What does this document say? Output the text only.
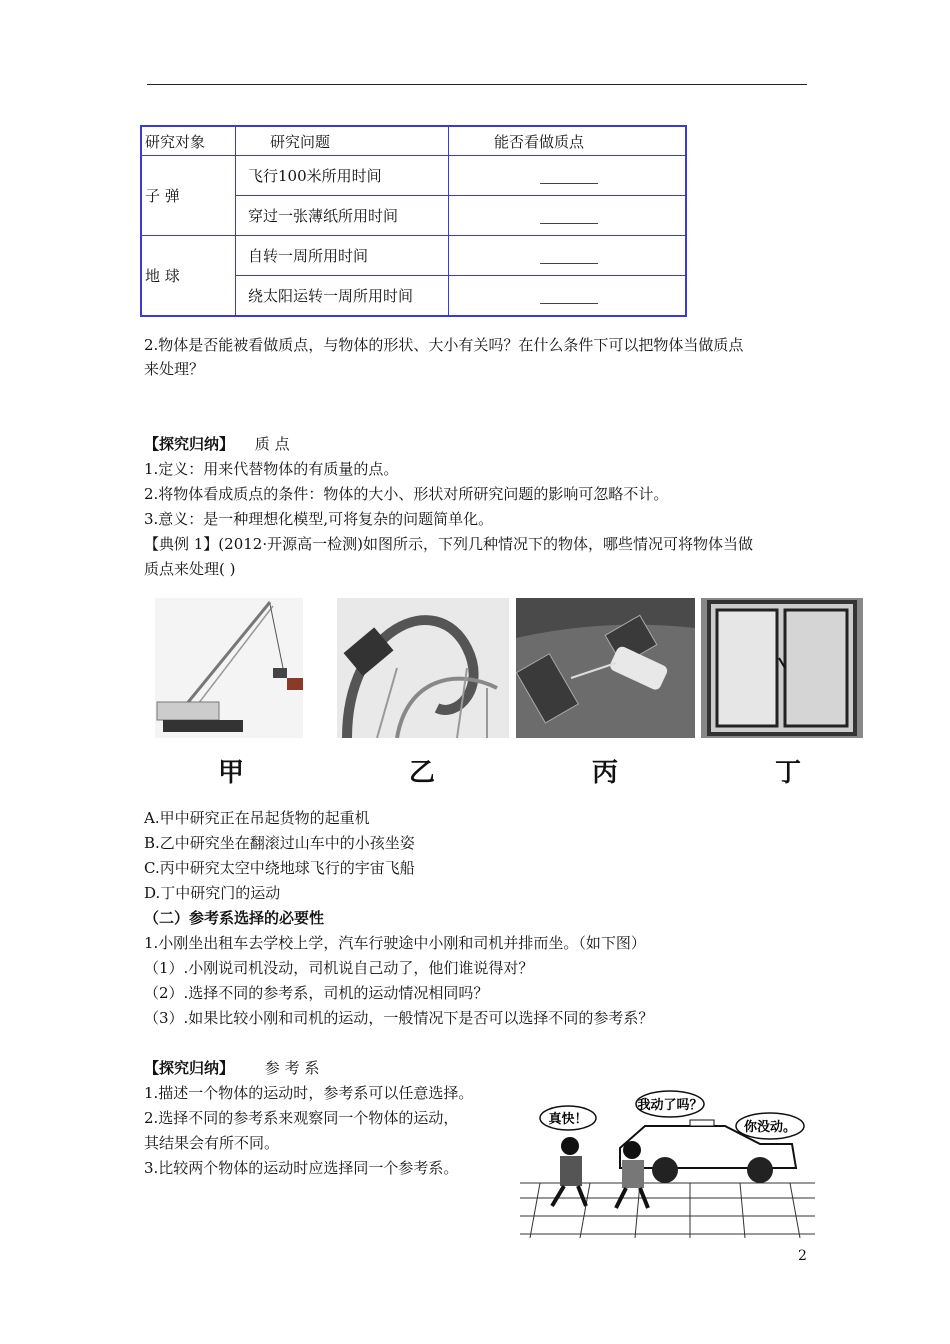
研究对象	研究问题	能否看做质点
子 弹	飞行100米所用时间	
	穿过一张薄纸所用时间	
地 球	自转一周所用时间	
	绕太阳运转一周所用时间	
2.物体是否能被看做质点，与物体的形状、大小有关吗？在什么条件下可以把物体当做质点
来处理？
【探究归纳】 质 点
1.定义：用来代替物体的有质量的点。
2.将物体看成质点的条件：物体的大小、形状对所研究问题的影响可忽略不计。
3.意义：是一种理想化模型,可将复杂的问题简单化。
【典例 1】(2012·开源高一检测)如图所示，下列几种情况下的物体，哪些情况可将物体当做
质点来处理( )
甲	乙	丙	丁
A.甲中研究正在吊起货物的起重机
B.乙中研究坐在翻滚过山车中的小孩坐姿
C.丙中研究太空中绕地球飞行的宇宙飞船
D.丁中研究门的运动
（二）参考系选择的必要性
1.小刚坐出租车去学校上学，汽车行驶途中小刚和司机并排而坐。（如下图）
（1）.小刚说司机没动，司机说自己动了，他们谁说得对？
（2）.选择不同的参考系，司机的运动情况相同吗？
（3）.如果比较小刚和司机的运动，一般情况下是否可以选择不同的参考系？
【探究归纳】 参 考 系
1.描述一个物体的运动时，参考系可以任意选择。
2.选择不同的参考系来观察同一个物体的运动，
其结果会有所不同。
3.比较两个物体的运动时应选择同一个参考系。
我动了吗？
你没动。
真快！
2
